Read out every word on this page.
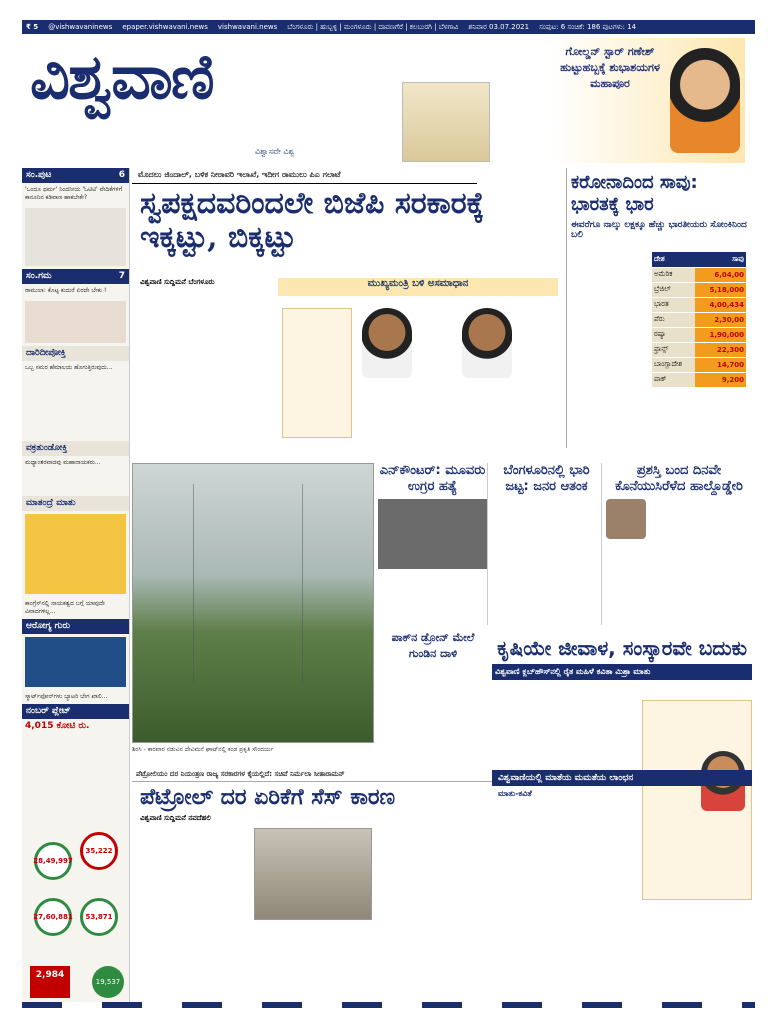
₹ 5 @vishwavaninews epaper.vishwavani.news vishwavani.news ಬೆಂಗಳೂರು | ಹುಬ್ಬಳ್ಳಿ | ಮಂಗಳೂರು | ದಾವಣಗೆರೆ | ಕಲಬುರಗಿ | ಬೆಳಗಾವಿ ಶನಿವಾರ 03.07.2021 ಸಂಪುಟ: 6 ಸಂಚಿಕೆ: 186 ಪುಟಗಳು: 14
ವಿಶ್ವವಾಣಿ
ವಿಶ್ವಾಸವೇ ವಿಶ್ವ
ಗೋಲ್ಡನ್ ಸ್ಟಾರ್ ಗಣೇಶ್ ಹುಟ್ಟುಹಬ್ಬಕ್ಕೆ ಶುಭಾಶಯಗಳ ಮಹಾಪೂರ
ಸಂ.ಪುಟ	6
'ಒಂದೂ ಥರ್ಮ' ನಿಂದನೀಯ 'ಓಟಿಟಿ' ವೇದಿಕೆಗಳಿಗೆ ಕಾನೂನಿನ ಕಡಿವಾಣ ಹಾಕಬೇಕೇ?
ಸಂ.ಗಮ	7
ರಾಮುಲಾ: ಕೊಟ್ಟ ಕುದುರೆ ಏರದೇ ಬೇಕು !
ದಾರಿದೀಪೋಕ್ತಿ
ಒಬ್ಬ ಸಮರ ಹೆಮಾಲಯ ಹೊಗುತ್ತಿರುವುದು...
ವಕ್ರತುಂಡೋಕ್ತಿ
ಮಧ್ಯಾಂತರವಾದವು ಮಹಾನಾಯಕರು...
ಮಾತಂದ್ರೆ ಮಾತು
ಕಾಂಗ್ರೆಸ್‌ನಲ್ಲಿ ನಾಯಕತ್ವದ ಬಗ್ಗೆ ಯಾವುದೇ ವಿವಾದಗಳಿಲ್ಲ...
ಆರೋಗ್ಯ ಗುರು
ಸ್ಮಾರ್ಟ್‌ಫೋನ್‌ಗಳು ಬ್ಯಾಟರಿ ಬೇಗ ಖಾಲಿ...
ನಂಬರ್ ಪ್ಲೇಟ್
4,015 ಕೋಟಿ ರು.
28,49,997
35,222
27,60,881	53,871
2,984
19,537
ಮೊದಲು ಜಿಂದಾಲ್, ಬಳಿಕ ನೀರಾವರಿ ಇಲಾಖೆ, ಇದೀಗ ರಾಮುಲು ಪಿಎ ಗಲಾಟೆ
ಸ್ವಪಕ್ಷದವರಿಂದಲೇ ಬಿಜೆಪಿ ಸರಕಾರಕ್ಕೆ ಇಕ್ಕಟ್ಟು, ಬಿಕ್ಕಟ್ಟು
ವಿಶ್ವವಾಣಿ ಸುದ್ದಿಮನೆ ಬೆಂಗಳೂರು	ಮುಖ್ಯಮಂತ್ರಿ ಬಳಿ ಅಸಮಾಧಾನ
ಕರೋನಾದಿಂದ ಸಾವು: ಭಾರತಕ್ಕೆ ಭಾರ
ಈವರೆಗೂ ನಾಲ್ಕು ಲಕ್ಷಕ್ಕೂ ಹೆಚ್ಚು ಭಾರತೀಯರು ಸೋಂಕಿನಿಂದ ಬಲಿ
ದೇಶ	ಸಾವು
ಅಮೆರಿಕ	6,04,00
ಬ್ರೆಜಿಲ್	5,18,000
ಭಾರತ	4,00,434
ಪೆರು	2,30,00
ರಷ್ಯಾ	1,90,000
ಫ್ರಾನ್ಸ್	22,300
ಬಾಂಗ್ಲಾದೇಶ	14,700
ಪಾಕ್	9,200
ಶಿರಸಿ - ಕಾರವಾರ ನಡುವಿನ ದೇವಿಮನೆ ಘಾಟ್‌ನಲ್ಲಿ ಕಂಡ ಪ್ರಕೃತಿ ಸೌಂದರ್ಯ
ಎನ್‌ಕೌಂಟರ್: ಮೂವರು ಉಗ್ರರ ಹತ್ಯೆ
ಬೆಂಗಳೂರಿನಲ್ಲಿ ಭಾರಿ ಜಟ್ಟ: ಜನರ ಆತಂಕ
ಪ್ರಶಸ್ತಿ ಬಂದ ದಿನವೇ ಕೊನೆಯುಸಿರೆಳೆದ ಹಾಲ್ದೊಡ್ಡೇರಿ
ಪಾಕ್‌ನ ಡ್ರೋನ್ ಮೇಲೆ ಗುಂಡಿನ ದಾಳಿ	ಕೃಷಿಯೇ ಜೀವಾಳ, ಸಂಸ್ಕಾರವೇ ಬದುಕು
ವಿಶ್ವವಾಣಿ ಕ್ಲಬ್‌ಹೌಸ್‌ನಲ್ಲಿ ರೈತ ಮಹಿಳೆ ಕವಿತಾ ಮಿಶ್ರಾ ಮಾತು
ಪೆಟ್ರೋಲಿಯಂ ದರ ನಿಯಂತ್ರಣ ರಾಜ್ಯ ಸರಕಾರಗಳ ಕೈಯಲ್ಲಿದೆ: ಸಚಿವೆ ನಿರ್ಮಲಾ ಸೀತಾರಾಮನ್
ಪೆಟ್ರೋಲ್ ದರ ಏರಿಕೆಗೆ ಸೆಸ್ ಕಾರಣ
ವಿಶ್ವವಾಣಿ ಸುದ್ದಿಮನೆ ನವದೆಹಲಿ
ವಿಶ್ವವಾಣಿಯಲ್ಲಿ ಮಾತೆಯ ಮಮತೆಯ ಲಾಂಛನ
ಮಾತು-ಕವಿತೆ
